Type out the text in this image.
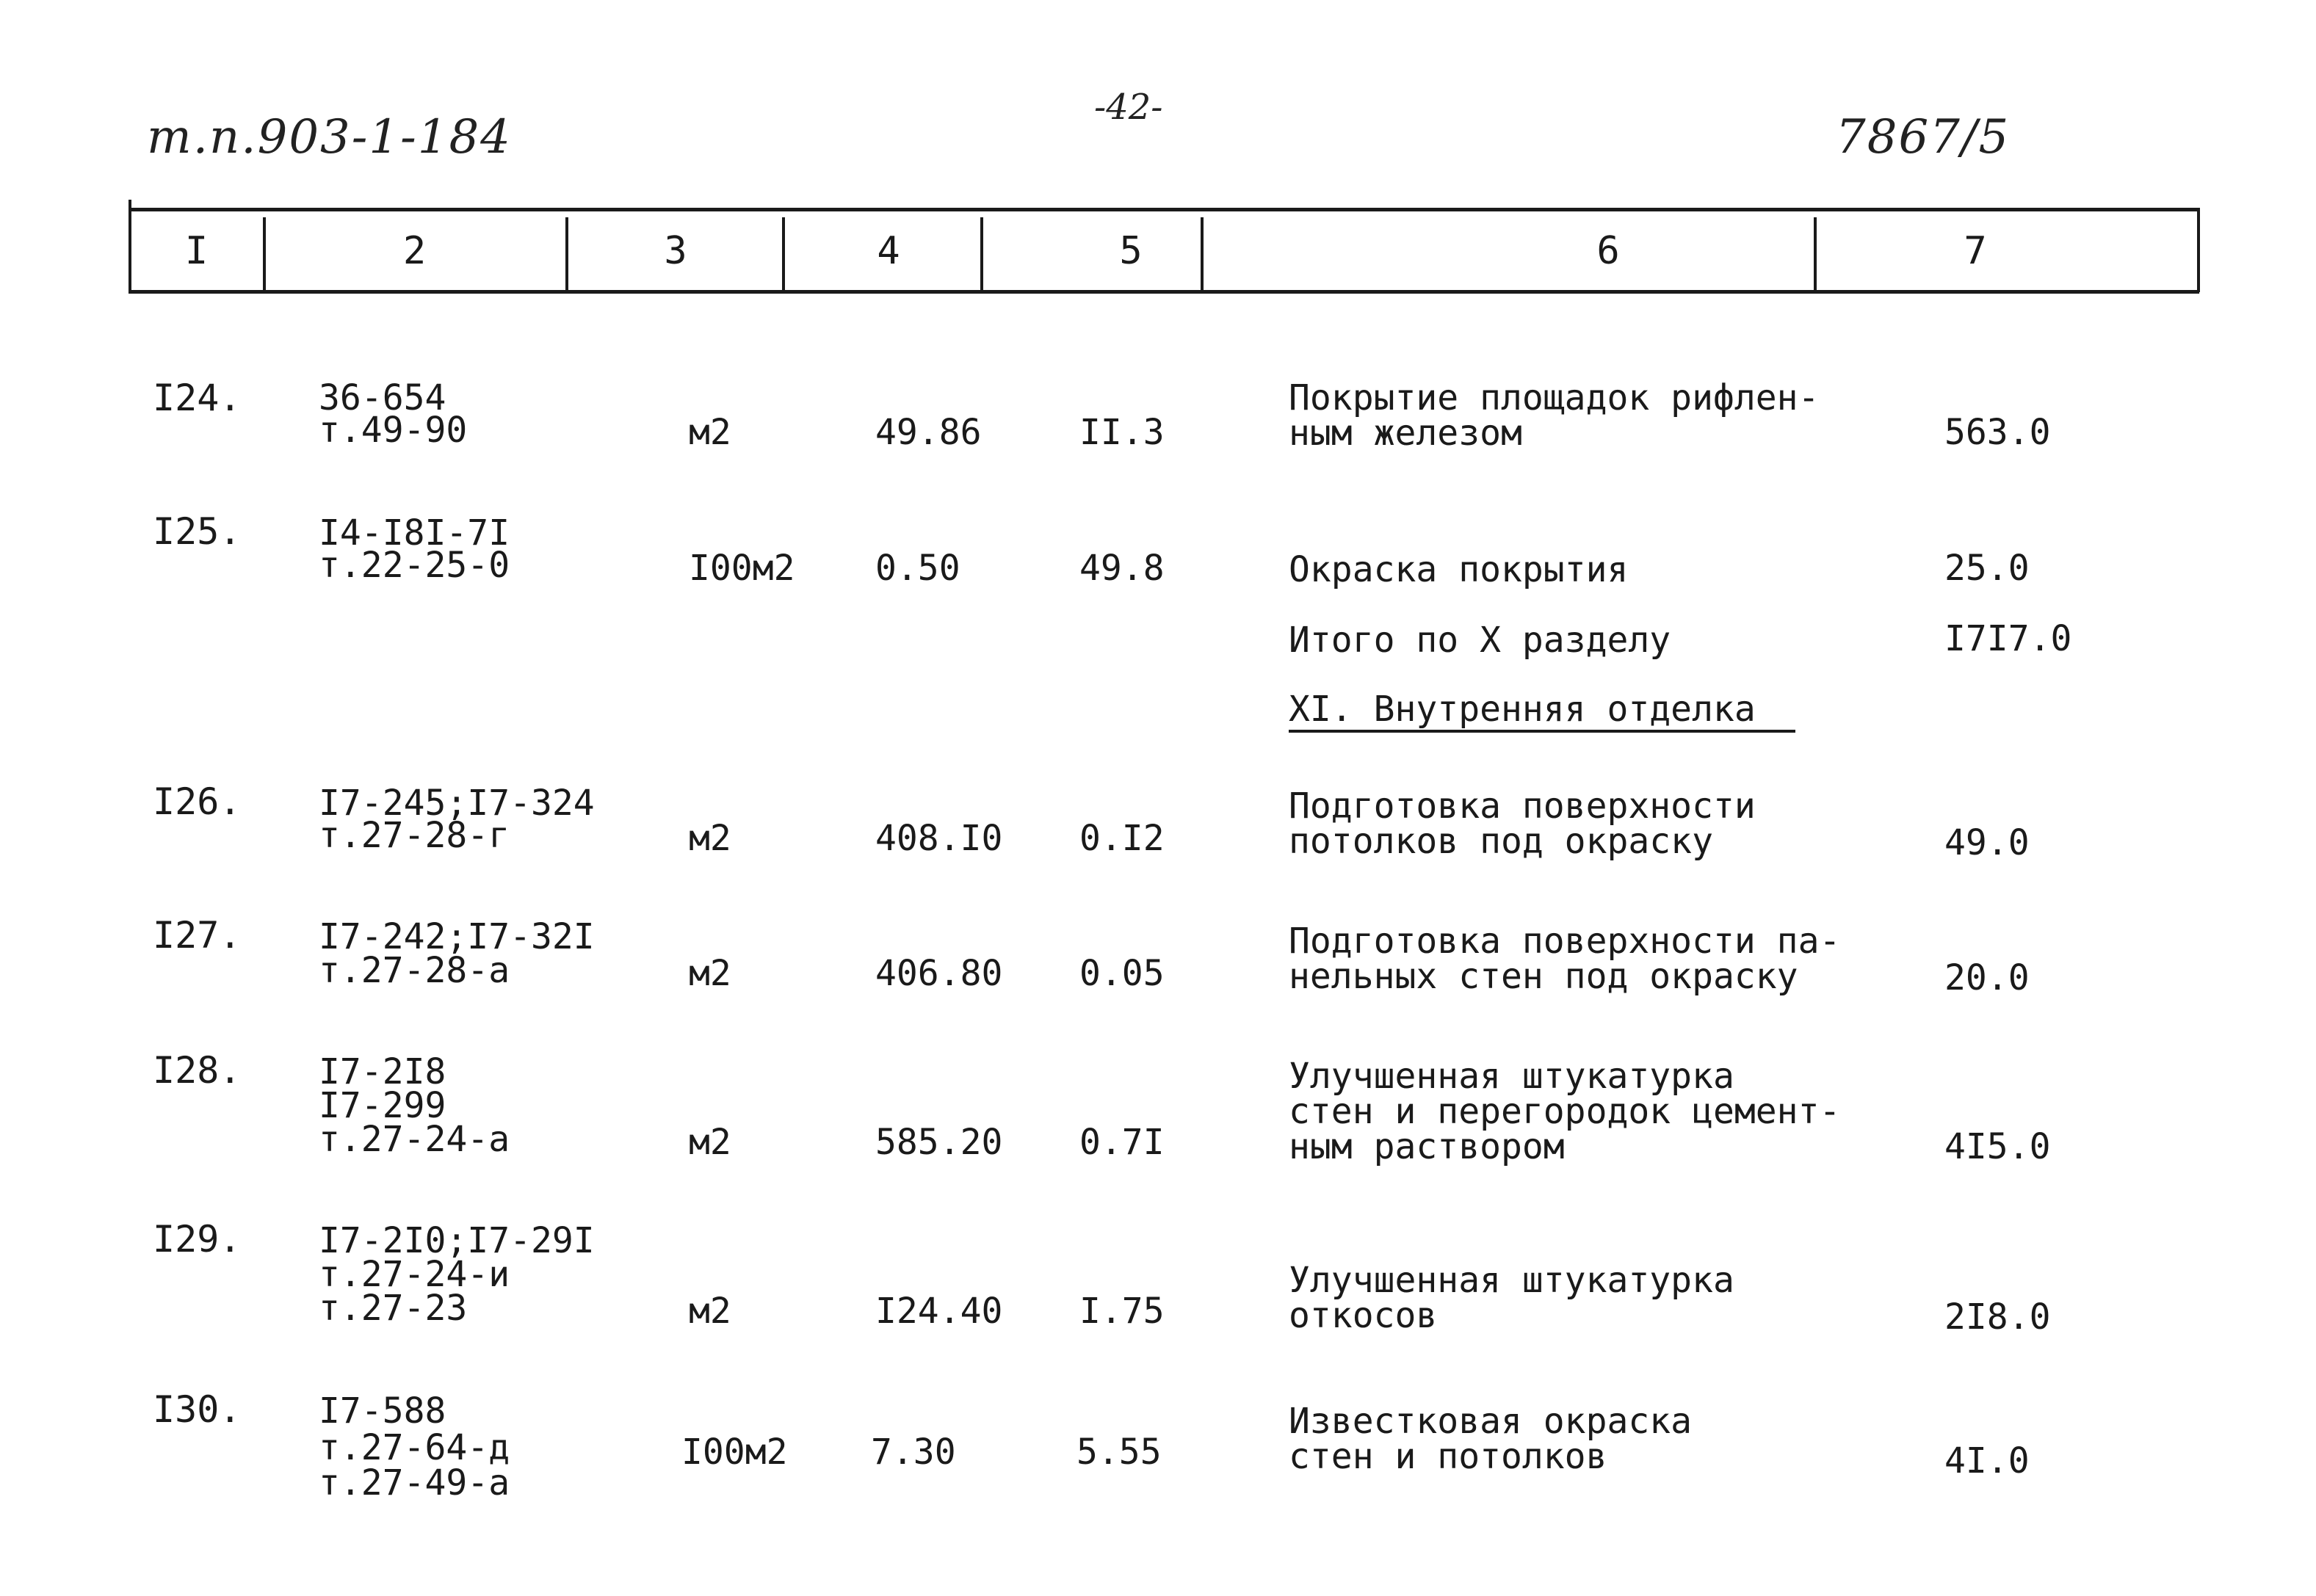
т.п.903-1-184
-42-
7867/5
I	2	3	4	5	6	7
I24. 36-654
т.49-90	м2	49.86	II.3
Покрытие площадок рифлен-
ным железом	563.0
I25. I4-I8I-7I
т.22-25-0	I00м2 0.50	49.8	Окраска покрытия	25.0
Итого по X разделу	I7I7.0
XI. Внутренняя отделка
I26. I7-245;I7-324
т.27-28-г	м2	408.I0 0.I2
Подготовка поверхности
потолков под окраску	49.0
I27. I7-242;I7-32I
т.27-28-а	м2	406.80 0.05
Подготовка поверхности па-
нельных стен под окраску	20.0
I28. I7-2I8
I7-299
т.27-24-а	м2	585.20 0.7I
Улучшенная штукатурка
стен и перегородок цемент-
ным раствором	4I5.0
I29. I7-2I0;I7-29I
т.27-24-и
т.27-23	м2	I24.40 I.75
Улучшенная штукатурка
откосов	2I8.0
I30. I7-588
т.27-64-д
т.27-49-а
I00м2 7.30	5.55
Известковая окраска
стен и потолков	4I.0
